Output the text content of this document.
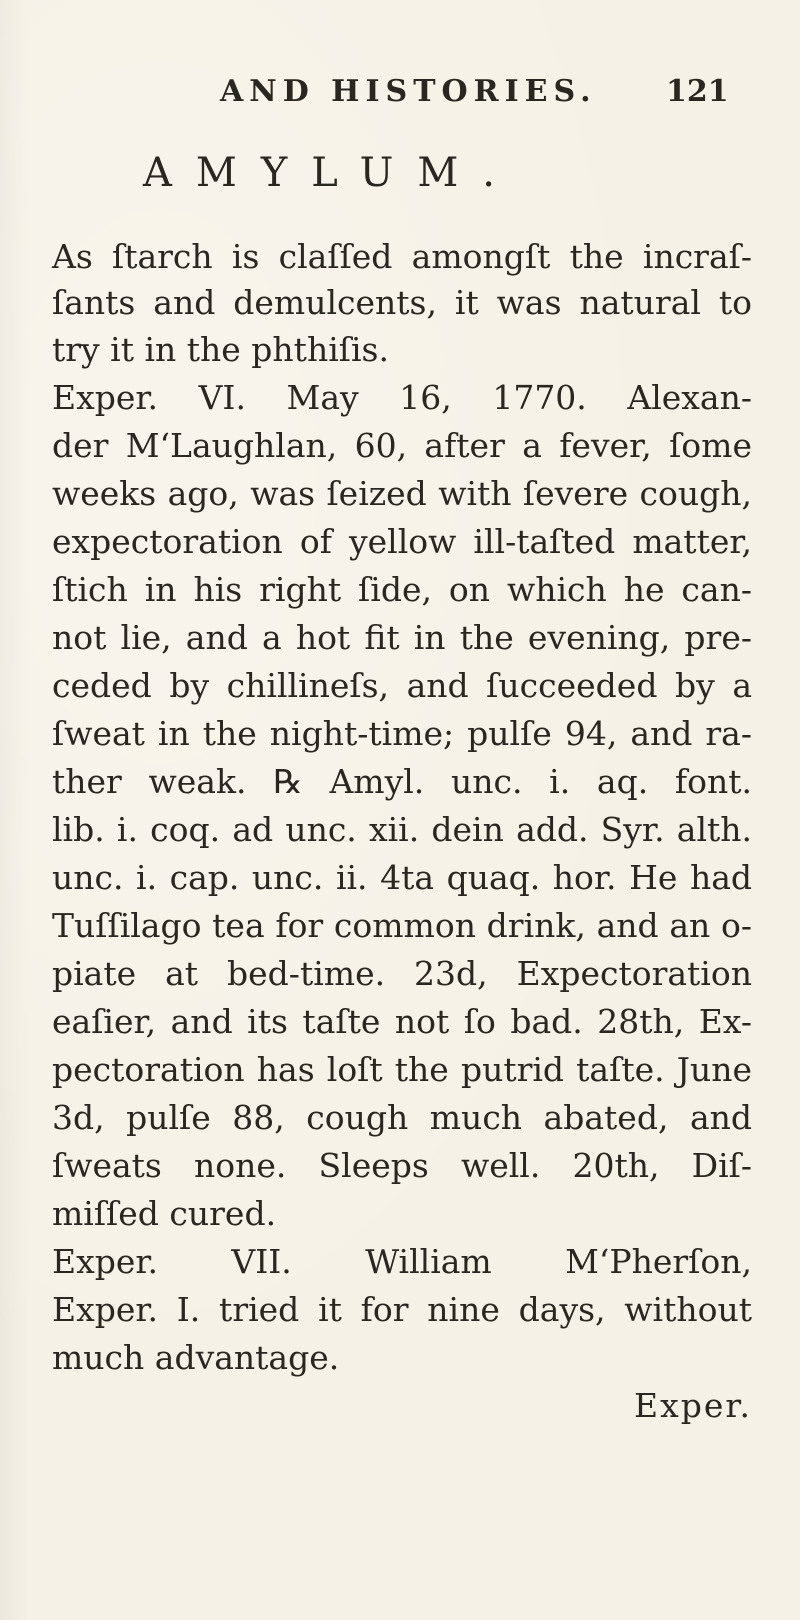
AND HISTORIES. 121
AMYLUM.
As ſtarch is claſſed amongſt the incraſ-
ſants and demulcents, it was natural to
try it in the phthiſis.
Exper. VI. May 16, 1770. Alexan-
der M‘Laughlan, 60, after a fever, ſome
weeks ago, was ſeized with ſevere cough,
expectoration of yellow ill-taſted matter,
ſtich in his right ſide, on which he can-
not lie, and a hot fit in the evening, pre-
ceded by chillineſs, and ſucceeded by a
ſweat in the night-time; pulſe 94, and ra-
ther weak. ℞ Amyl. unc. i. aq. font.
lib. i. coq. ad unc. xii. dein add. Syr. alth.
unc. i. cap. unc. ii. 4ta quaq. hor. He had
Tuſſilago tea for common drink, and an o-
piate at bed-time. 23d, Expectoration
eaſier, and its taſte not ſo bad. 28th, Ex-
pectoration has loſt the putrid taſte. June
3d, pulſe 88, cough much abated, and
ſweats none. Sleeps well. 20th, Diſ-
miſſed cured.
Exper. VII. William M‘Pherſon,
Exper. I. tried it for nine days, without
much advantage.
Exper.
